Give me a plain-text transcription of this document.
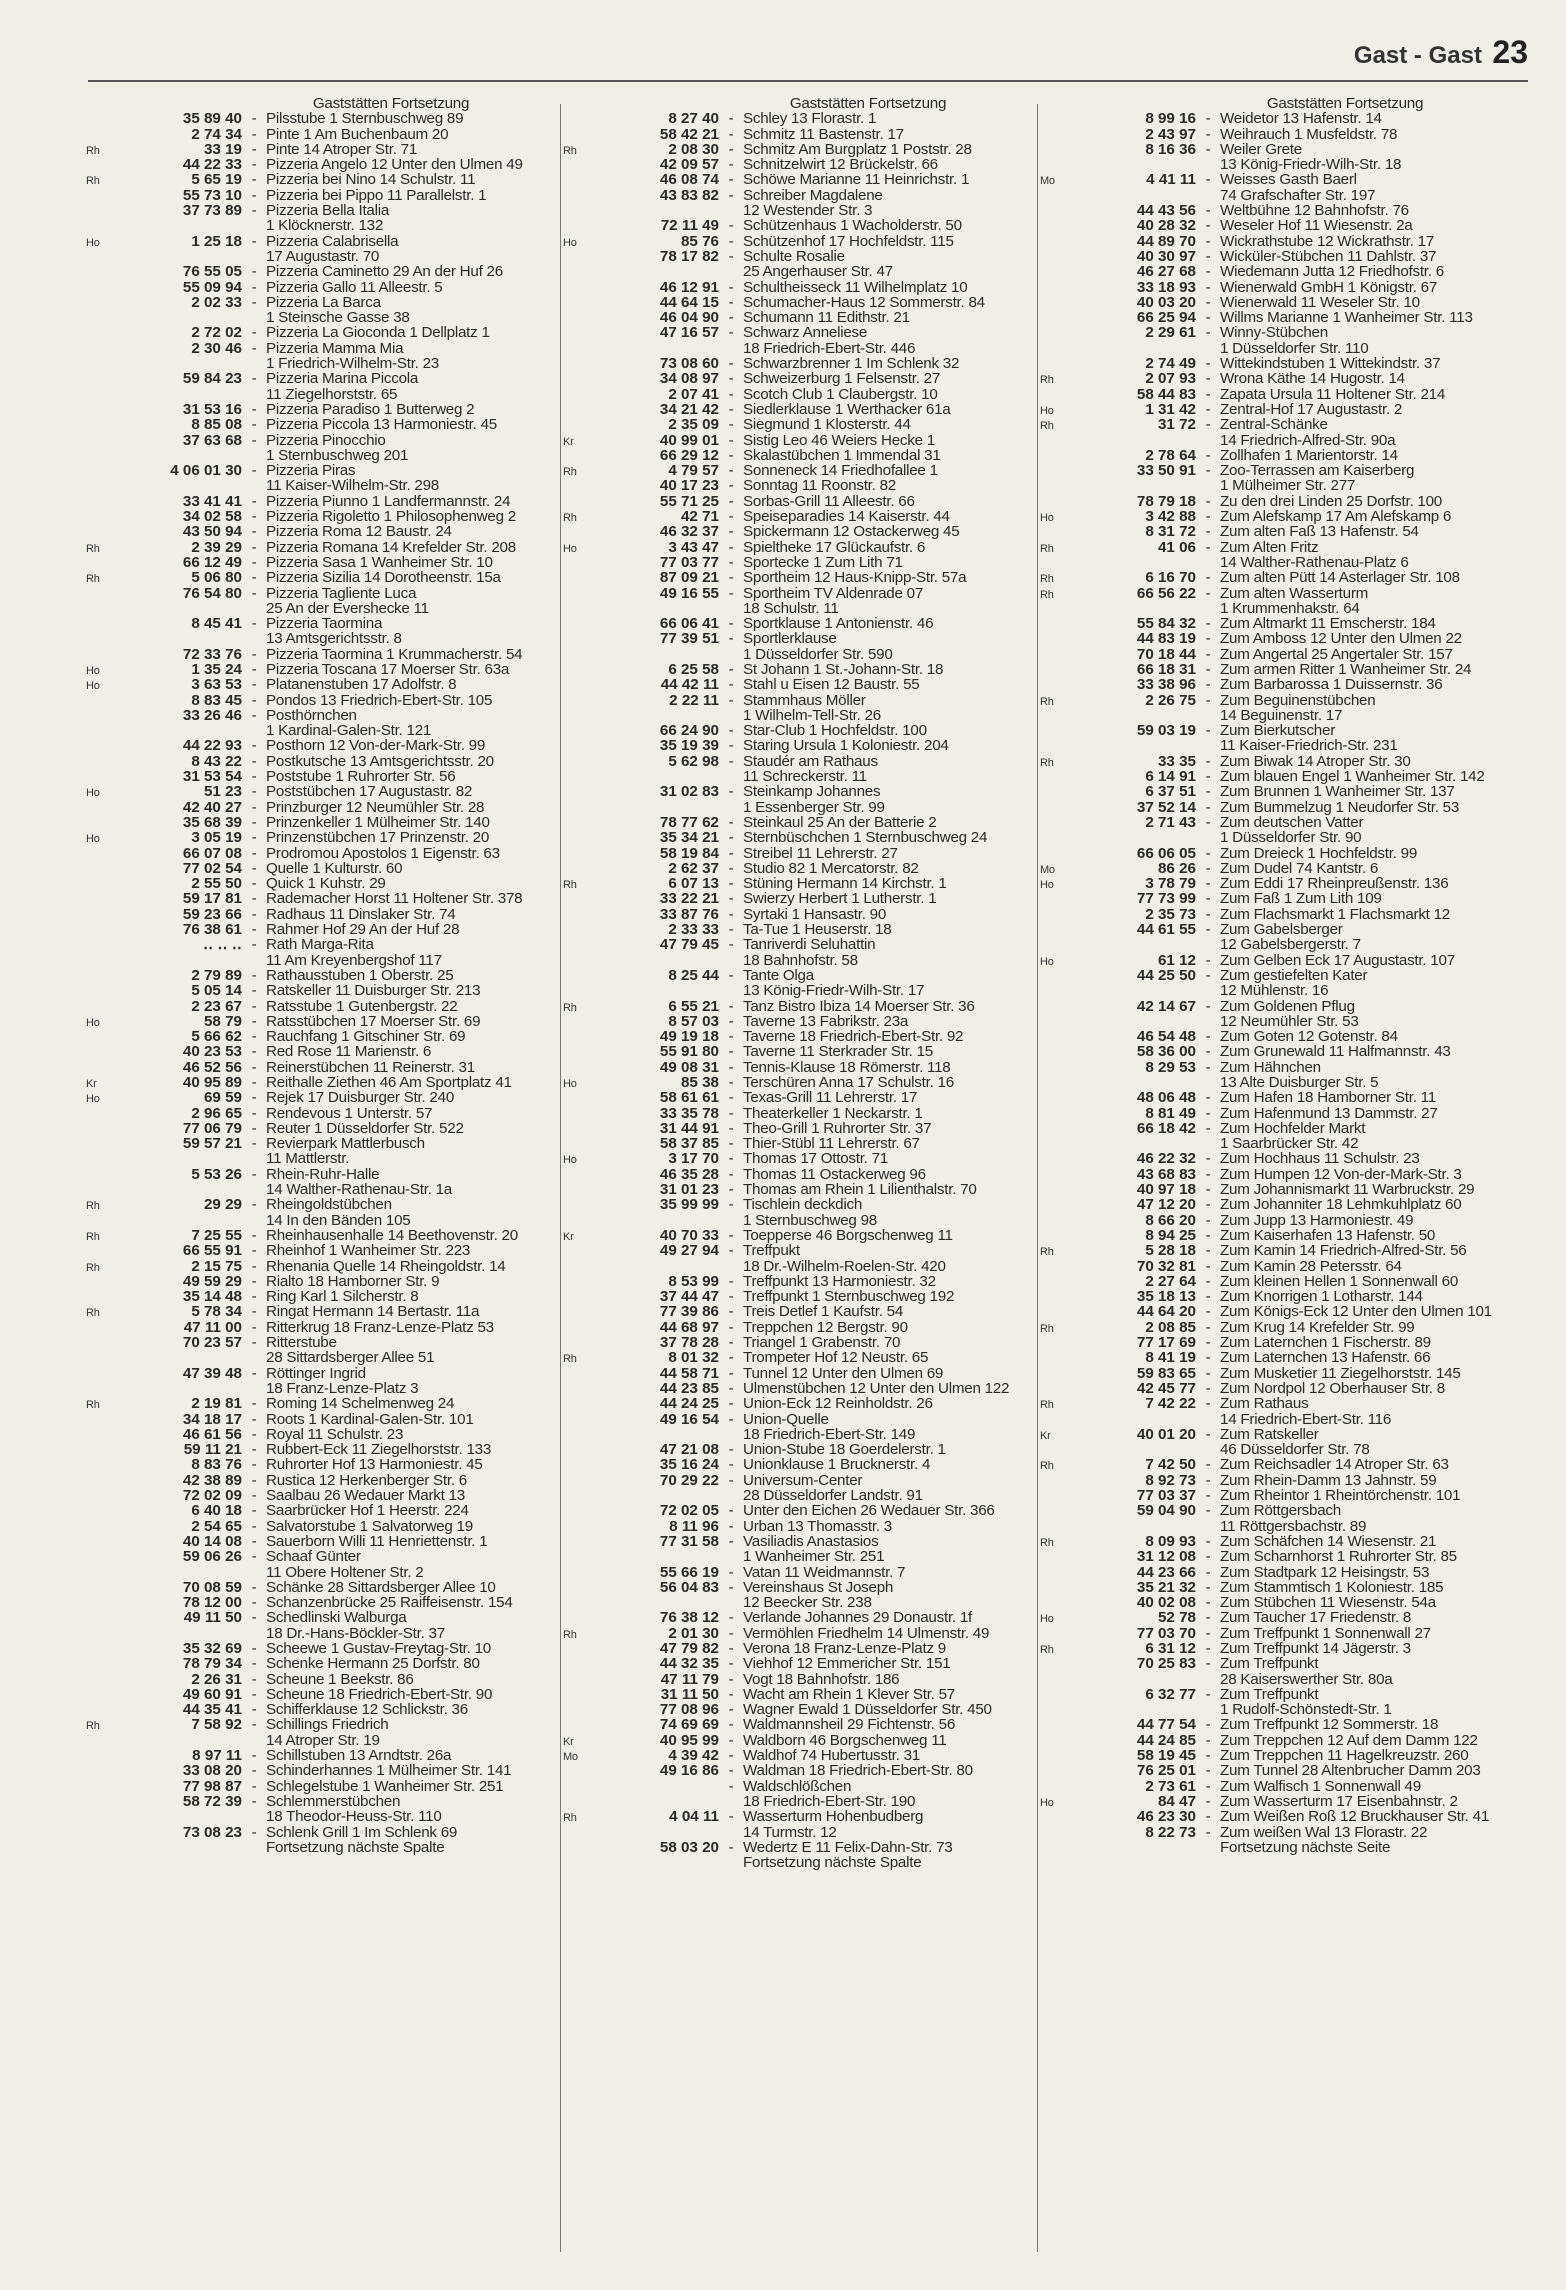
Gast - Gast 23
Gaststätten Fortsetzung
35 89 40 - Pilsstube 1 Sternbuschweg 89
2 74 34 - Pinte 1 Am Buchenbaum 20
Rh	33 19 - Pinte 14 Atroper Str. 71
44 22 33 - Pizzeria Angelo 12 Unter den Ulmen 49
Rh	5 65 19 - Pizzeria bei Nino 14 Schulstr. 11
55 73 10 - Pizzeria bei Pippo 11 Parallelstr. 1
37 73 89 - Pizzeria Bella Italia
1 Klöcknerstr. 132
Ho	1 25 18 - Pizzeria Calabrisella
17 Augustastr. 70
76 55 05 - Pizzeria Caminetto 29 An der Huf 26
55 09 94 - Pizzeria Gallo 11 Alleestr. 5
2 02 33 - Pizzeria La Barca
1 Steinsche Gasse 38
2 72 02 - Pizzeria La Gioconda 1 Dellplatz 1
2 30 46 - Pizzeria Mamma Mia
1 Friedrich-Wilhelm-Str. 23
59 84 23 - Pizzeria Marina Piccola
11 Ziegelhorststr. 65
31 53 16 - Pizzeria Paradiso 1 Butterweg 2
8 85 08 - Pizzeria Piccola 13 Harmoniestr. 45
37 63 68 - Pizzeria Pinocchio
1 Sternbuschweg 201
4 06 01 30 - Pizzeria Piras
11 Kaiser-Wilhelm-Str. 298
33 41 41 - Pizzeria Piunno 1 Landfermannstr. 24
34 02 58 - Pizzeria Rigoletto 1 Philosophenweg 2
43 50 94 - Pizzeria Roma 12 Baustr. 24
Rh	2 39 29 - Pizzeria Romana 14 Krefelder Str. 208
66 12 49 - Pizzeria Sasa 1 Wanheimer Str. 10
Rh	5 06 80 - Pizzeria Sizilia 14 Dorotheenstr. 15a
76 54 80 - Pizzeria Tagliente Luca
25 An der Evershecke 11
8 45 41 - Pizzeria Taormina
13 Amtsgerichtsstr. 8
72 33 76 - Pizzeria Taormina 1 Krummacherstr. 54
Ho	1 35 24 - Pizzeria Toscana 17 Moerser Str. 63a
Ho	3 63 53 - Platanenstuben 17 Adolfstr. 8
8 83 45 - Pondos 13 Friedrich-Ebert-Str. 105
33 26 46 - Posthörnchen
1 Kardinal-Galen-Str. 121
44 22 93 - Posthorn 12 Von-der-Mark-Str. 99
8 43 22 - Postkutsche 13 Amtsgerichtsstr. 20
31 53 54 - Poststube 1 Ruhrorter Str. 56
Ho	51 23 - Poststübchen 17 Augustastr. 82
42 40 27 - Prinzburger 12 Neumühler Str. 28
35 68 39 - Prinzenkeller 1 Mülheimer Str. 140
Ho	3 05 19 - Prinzenstübchen 17 Prinzenstr. 20
66 07 08 - Prodromou Apostolos 1 Eigenstr. 63
77 02 54 - Quelle 1 Kulturstr. 60
2 55 50 - Quick 1 Kuhstr. 29
59 17 81 - Rademacher Horst 11 Holtener Str. 378
59 23 66 - Radhaus 11 Dinslaker Str. 74
76 38 61 - Rahmer Hof 29 An der Huf 28
‥ ‥ ‥ - Rath Marga-Rita
11 Am Kreyenbergshof 117
2 79 89 - Rathausstuben 1 Oberstr. 25
5 05 14 - Ratskeller 11 Duisburger Str. 213
2 23 67 - Ratsstube 1 Gutenbergstr. 22
Ho	58 79 - Ratsstübchen 17 Moerser Str. 69
5 66 62 - Rauchfang 1 Gitschiner Str. 69
40 23 53 - Red Rose 11 Marienstr. 6
46 52 56 - Reinerstübchen 11 Reinerstr. 31
Kr	40 95 89 - Reithalle Ziethen 46 Am Sportplatz 41
Ho	69 59 - Rejek 17 Duisburger Str. 240
2 96 65 - Rendevous 1 Unterstr. 57
77 06 79 - Reuter 1 Düsseldorfer Str. 522
59 57 21 - Revierpark Mattlerbusch
11 Mattlerstr.
5 53 26 - Rhein-Ruhr-Halle
14 Walther-Rathenau-Str. 1a
Rh	29 29 - Rheingoldstübchen
14 In den Bänden 105
Rh	7 25 55 - Rheinhausenhalle 14 Beethovenstr. 20
66 55 91 - Rheinhof 1 Wanheimer Str. 223
Rh	2 15 75 - Rhenania Quelle 14 Rheingoldstr. 14
49 59 29 - Rialto 18 Hamborner Str. 9
35 14 48 - Ring Karl 1 Silcherstr. 8
Rh	5 78 34 - Ringat Hermann 14 Bertastr. 11a
47 11 00 - Ritterkrug 18 Franz-Lenze-Platz 53
70 23 57 - Ritterstube
28 Sittardsberger Allee 51
47 39 48 - Röttinger Ingrid
18 Franz-Lenze-Platz 3
Rh	2 19 81 - Roming 14 Schelmenweg 24
34 18 17 - Roots 1 Kardinal-Galen-Str. 101
46 61 56 - Royal 11 Schulstr. 23
59 11 21 - Rubbert-Eck 11 Ziegelhorststr. 133
8 83 76 - Ruhrorter Hof 13 Harmoniestr. 45
42 38 89 - Rustica 12 Herkenberger Str. 6
72 02 09 - Saalbau 26 Wedauer Markt 13
6 40 18 - Saarbrücker Hof 1 Heerstr. 224
2 54 65 - Salvatorstube 1 Salvatorweg 19
40 14 08 - Sauerborn Willi 11 Henriettenstr. 1
59 06 26 - Schaaf Günter
11 Obere Holtener Str. 2
70 08 59 - Schänke 28 Sittardsberger Allee 10
78 12 00 - Schanzenbrücke 25 Raiffeisenstr. 154
49 11 50 - Schedlinski Walburga
18 Dr.-Hans-Böckler-Str. 37
35 32 69 - Scheewe 1 Gustav-Freytag-Str. 10
78 79 34 - Schenke Hermann 25 Dorfstr. 80
2 26 31 - Scheune 1 Beekstr. 86
49 60 91 - Scheune 18 Friedrich-Ebert-Str. 90
44 35 41 - Schifferklause 12 Schlickstr. 36
Rh	7 58 92 - Schillings Friedrich
14 Atroper Str. 19
8 97 11 - Schillstuben 13 Arndtstr. 26a
33 08 20 - Schinderhannes 1 Mülheimer Str. 141
77 98 87 - Schlegelstube 1 Wanheimer Str. 251
58 72 39 - Schlemmerstübchen
18 Theodor-Heuss-Str. 110
73 08 23 - Schlenk Grill 1 Im Schlenk 69
Fortsetzung nächste Spalte
Gaststätten Fortsetzung
8 27 40 - Schley 13 Florastr. 1
58 42 21 - Schmitz 11 Bastenstr. 17
Rh	2 08 30 - Schmitz Am Burgplatz 1 Poststr. 28
42 09 57 - Schnitzelwirt 12 Brückelstr. 66
46 08 74 - Schöwe Marianne 11 Heinrichstr. 1
43 83 82 - Schreiber Magdalene
12 Westender Str. 3
72 11 49 - Schützenhaus 1 Wacholderstr. 50
Ho	85 76 - Schützenhof 17 Hochfeldstr. 115
78 17 82 - Schulte Rosalie
25 Angerhauser Str. 47
46 12 91 - Schultheisseck 11 Wilhelmplatz 10
44 64 15 - Schumacher-Haus 12 Sommerstr. 84
46 04 90 - Schumann 11 Edithstr. 21
47 16 57 - Schwarz Anneliese
18 Friedrich-Ebert-Str. 446
73 08 60 - Schwarzbrenner 1 Im Schlenk 32
34 08 97 - Schweizerburg 1 Felsenstr. 27
2 07 41 - Scotch Club 1 Claubergstr. 10
34 21 42 - Siedlerklause 1 Werthacker 61a
2 35 09 - Siegmund 1 Klosterstr. 44
Kr	40 99 01 - Sistig Leo 46 Weiers Hecke 1
66 29 12 - Skalastübchen 1 Immendal 31
Rh	4 79 57 - Sonneneck 14 Friedhofallee 1
40 17 23 - Sonntag 11 Roonstr. 82
55 71 25 - Sorbas-Grill 11 Alleestr. 66
Rh	42 71 - Speiseparadies 14 Kaiserstr. 44
46 32 37 - Spickermann 12 Ostackerweg 45
Ho	3 43 47 - Spieltheke 17 Glückaufstr. 6
77 03 77 - Sportecke 1 Zum Lith 71
87 09 21 - Sportheim 12 Haus-Knipp-Str. 57a
49 16 55 - Sportheim TV Aldenrade 07
18 Schulstr. 11
66 06 41 - Sportklause 1 Antonienstr. 46
77 39 51 - Sportlerklause
1 Düsseldorfer Str. 590
6 25 58 - St Johann 1 St.-Johann-Str. 18
44 42 11 - Stahl u Eisen 12 Baustr. 55
2 22 11 - Stammhaus Möller
1 Wilhelm-Tell-Str. 26
66 24 90 - Star-Club 1 Hochfeldstr. 100
35 19 39 - Staring Ursula 1 Koloniestr. 204
5 62 98 - Staudér am Rathaus
11 Schreckerstr. 11
31 02 83 - Steinkamp Johannes
1 Essenberger Str. 99
78 77 62 - Steinkaul 25 An der Batterie 2
35 34 21 - Sternbüschchen 1 Sternbuschweg 24
58 19 84 - Streibel 11 Lehrerstr. 27
2 62 37 - Studio 82 1 Mercatorstr. 82
Rh	6 07 13 - Stüning Hermann 14 Kirchstr. 1
33 22 21 - Swierzy Herbert 1 Lutherstr. 1
33 87 76 - Syrtaki 1 Hansastr. 90
2 33 33 - Ta-Tue 1 Heuserstr. 18
47 79 45 - Tanriverdi Seluhattin
18 Bahnhofstr. 58
8 25 44 - Tante Olga
13 König-Friedr-Wilh-Str. 17
Rh	6 55 21 - Tanz Bistro Ibiza 14 Moerser Str. 36
8 57 03 - Taverne 13 Fabrikstr. 23a
49 19 18 - Taverne 18 Friedrich-Ebert-Str. 92
55 91 80 - Taverne 11 Sterkrader Str. 15
49 08 31 - Tennis-Klause 18 Römerstr. 118
Ho	85 38 - Terschüren Anna 17 Schulstr. 16
58 61 61 - Texas-Grill 11 Lehrerstr. 17
33 35 78 - Theaterkeller 1 Neckarstr. 1
31 44 91 - Theo-Grill 1 Ruhrorter Str. 37
58 37 85 - Thier-Stübl 11 Lehrerstr. 67
Ho	3 17 70 - Thomas 17 Ottostr. 71
46 35 28 - Thomas 11 Ostackerweg 96
31 01 23 - Thomas am Rhein 1 Lilienthalstr. 70
35 99 99 - Tischlein deckdich
1 Sternbuschweg 98
Kr	40 70 33 - Toepperse 46 Borgschenweg 11
49 27 94 - Treffpukt
18 Dr.-Wilhelm-Roelen-Str. 420
8 53 99 - Treffpunkt 13 Harmoniestr. 32
37 44 47 - Treffpunkt 1 Sternbuschweg 192
77 39 86 - Treis Detlef 1 Kaufstr. 54
44 68 97 - Treppchen 12 Bergstr. 90
37 78 28 - Triangel 1 Grabenstr. 70
Rh	8 01 32 - Trompeter Hof 12 Neustr. 65
44 58 71 - Tunnel 12 Unter den Ulmen 69
44 23 85 - Ulmenstübchen 12 Unter den Ulmen 122
44 24 25 - Union-Eck 12 Reinholdstr. 26
49 16 54 - Union-Quelle
18 Friedrich-Ebert-Str. 149
47 21 08 - Union-Stube 18 Goerdelerstr. 1
35 16 24 - Unionklause 1 Brucknerstr. 4
70 29 22 - Universum-Center
28 Düsseldorfer Landstr. 91
72 02 05 - Unter den Eichen 26 Wedauer Str. 366
8 11 96 - Urban 13 Thomasstr. 3
77 31 58 - Vasiliadis Anastasios
1 Wanheimer Str. 251
55 66 19 - Vatan 11 Weidmannstr. 7
56 04 83 - Vereinshaus St Joseph
12 Beecker Str. 238
76 38 12 - Verlande Johannes 29 Donaustr. 1f
Rh	2 01 30 - Vermöhlen Friedhelm 14 Ulmenstr. 49
47 79 82 - Verona 18 Franz-Lenze-Platz 9
44 32 35 - Viehhof 12 Emmericher Str. 151
47 11 79 - Vogt 18 Bahnhofstr. 186
31 11 50 - Wacht am Rhein 1 Klever Str. 57
77 08 96 - Wagner Ewald 1 Düsseldorfer Str. 450
74 69 69 - Waldmannsheil 29 Fichtenstr. 56
Kr	40 95 99 - Waldborn 46 Borgschenweg 11
Mo	4 39 42 - Waldhof 74 Hubertusstr. 31
49 16 86 - Waldman 18 Friedrich-Ebert-Str. 80
- Waldschlößchen
18 Friedrich-Ebert-Str. 190
Rh	4 04 11 - Wasserturm Hohenbudberg
14 Turmstr. 12
58 03 20 - Wedertz E 11 Felix-Dahn-Str. 73
Fortsetzung nächste Spalte
Gaststätten Fortsetzung
8 99 16 - Weidetor 13 Hafenstr. 14
2 43 97 - Weihrauch 1 Musfeldstr. 78
8 16 36 - Weiler Grete
13 König-Friedr-Wilh-Str. 18
Mo	4 41 11 - Weisses Gasth Baerl
74 Grafschafter Str. 197
44 43 56 - Weltbühne 12 Bahnhofstr. 76
40 28 32 - Weseler Hof 11 Wiesenstr. 2a
44 89 70 - Wickrathstube 12 Wickrathstr. 17
40 30 97 - Wicküler-Stübchen 11 Dahlstr. 37
46 27 68 - Wiedemann Jutta 12 Friedhofstr. 6
33 18 93 - Wienerwald GmbH 1 Königstr. 67
40 03 20 - Wienerwald 11 Weseler Str. 10
66 25 94 - Willms Marianne 1 Wanheimer Str. 113
2 29 61 - Winny-Stübchen
1 Düsseldorfer Str. 110
2 74 49 - Wittekindstuben 1 Wittekindstr. 37
Rh	2 07 93 - Wrona Käthe 14 Hugostr. 14
58 44 83 - Zapata Ursula 11 Holtener Str. 214
Ho	1 31 42 - Zentral-Hof 17 Augustastr. 2
Rh	31 72 - Zentral-Schänke
14 Friedrich-Alfred-Str. 90a
2 78 64 - Zollhafen 1 Marientorstr. 14
33 50 91 - Zoo-Terrassen am Kaiserberg
1 Mülheimer Str. 277
78 79 18 - Zu den drei Linden 25 Dorfstr. 100
Ho	3 42 88 - Zum Alefskamp 17 Am Alefskamp 6
8 31 72 - Zum alten Faß 13 Hafenstr. 54
Rh	41 06 - Zum Alten Fritz
14 Walther-Rathenau-Platz 6
Rh	6 16 70 - Zum alten Pütt 14 Asterlager Str. 108
Rh	66 56 22 - Zum alten Wasserturm
1 Krummenhakstr. 64
55 84 32 - Zum Altmarkt 11 Emscherstr. 184
44 83 19 - Zum Amboss 12 Unter den Ulmen 22
70 18 44 - Zum Angertal 25 Angertaler Str. 157
66 18 31 - Zum armen Ritter 1 Wanheimer Str. 24
33 38 96 - Zum Barbarossa 1 Duissernstr. 36
Rh	2 26 75 - Zum Beguinenstübchen
14 Beguinenstr. 17
59 03 19 - Zum Bierkutscher
11 Kaiser-Friedrich-Str. 231
Rh	33 35 - Zum Biwak 14 Atroper Str. 30
6 14 91 - Zum blauen Engel 1 Wanheimer Str. 142
6 37 51 - Zum Brunnen 1 Wanheimer Str. 137
37 52 14 - Zum Bummelzug 1 Neudorfer Str. 53
2 71 43 - Zum deutschen Vatter
1 Düsseldorfer Str. 90
66 06 05 - Zum Dreieck 1 Hochfeldstr. 99
Mo	86 26 - Zum Dudel 74 Kantstr. 6
Ho	3 78 79 - Zum Eddi 17 Rheinpreußenstr. 136
77 73 99 - Zum Faß 1 Zum Lith 109
2 35 73 - Zum Flachsmarkt 1 Flachsmarkt 12
44 61 55 - Zum Gabelsberger
12 Gabelsbergerstr. 7
Ho	61 12 - Zum Gelben Eck 17 Augustastr. 107
44 25 50 - Zum gestiefelten Kater
12 Mühlenstr. 16
42 14 67 - Zum Goldenen Pflug
12 Neumühler Str. 53
46 54 48 - Zum Goten 12 Gotenstr. 84
58 36 00 - Zum Grunewald 11 Halfmannstr. 43
8 29 53 - Zum Hähnchen
13 Alte Duisburger Str. 5
48 06 48 - Zum Hafen 18 Hamborner Str. 11
8 81 49 - Zum Hafenmund 13 Dammstr. 27
66 18 42 - Zum Hochfelder Markt
1 Saarbrücker Str. 42
46 22 32 - Zum Hochhaus 11 Schulstr. 23
43 68 83 - Zum Humpen 12 Von-der-Mark-Str. 3
40 97 18 - Zum Johannismarkt 11 Warbruckstr. 29
47 12 20 - Zum Johanniter 18 Lehmkuhlplatz 60
8 66 20 - Zum Jupp 13 Harmoniestr. 49
8 94 25 - Zum Kaiserhafen 13 Hafenstr. 50
Rh	5 28 18 - Zum Kamin 14 Friedrich-Alfred-Str. 56
70 32 81 - Zum Kamin 28 Petersstr. 64
2 27 64 - Zum kleinen Hellen 1 Sonnenwall 60
35 18 13 - Zum Knorrigen 1 Lotharstr. 144
44 64 20 - Zum Königs-Eck 12 Unter den Ulmen 101
Rh	2 08 85 - Zum Krug 14 Krefelder Str. 99
77 17 69 - Zum Laternchen 1 Fischerstr. 89
8 41 19 - Zum Laternchen 13 Hafenstr. 66
59 83 65 - Zum Musketier 11 Ziegelhorststr. 145
42 45 77 - Zum Nordpol 12 Oberhauser Str. 8
Rh	7 42 22 - Zum Rathaus
14 Friedrich-Ebert-Str. 116
Kr	40 01 20 - Zum Ratskeller
46 Düsseldorfer Str. 78
Rh	7 42 50 - Zum Reichsadler 14 Atroper Str. 63
8 92 73 - Zum Rhein-Damm 13 Jahnstr. 59
77 03 37 - Zum Rheintor 1 Rheintörchenstr. 101
59 04 90 - Zum Röttgersbach
11 Röttgersbachstr. 89
Rh	8 09 93 - Zum Schäfchen 14 Wiesenstr. 21
31 12 08 - Zum Scharnhorst 1 Ruhrorter Str. 85
44 23 66 - Zum Stadtpark 12 Heisingstr. 53
35 21 32 - Zum Stammtisch 1 Koloniestr. 185
40 02 08 - Zum Stübchen 11 Wiesenstr. 54a
Ho	52 78 - Zum Taucher 17 Friedenstr. 8
77 03 70 - Zum Treffpunkt 1 Sonnenwall 27
Rh	6 31 12 - Zum Treffpunkt 14 Jägerstr. 3
70 25 83 - Zum Treffpunkt
28 Kaiserswerther Str. 80a
6 32 77 - Zum Treffpunkt
1 Rudolf-Schönstedt-Str. 1
44 77 54 - Zum Treffpunkt 12 Sommerstr. 18
44 24 85 - Zum Treppchen 12 Auf dem Damm 122
58 19 45 - Zum Treppchen 11 Hagelkreuzstr. 260
76 25 01 - Zum Tunnel 28 Altenbrucher Damm 203
2 73 61 - Zum Walfisch 1 Sonnenwall 49
Ho	84 47 - Zum Wasserturm 17 Eisenbahnstr. 2
46 23 30 - Zum Weißen Roß 12 Bruckhauser Str. 41
8 22 73 - Zum weißen Wal 13 Florastr. 22
Fortsetzung nächste Seite
